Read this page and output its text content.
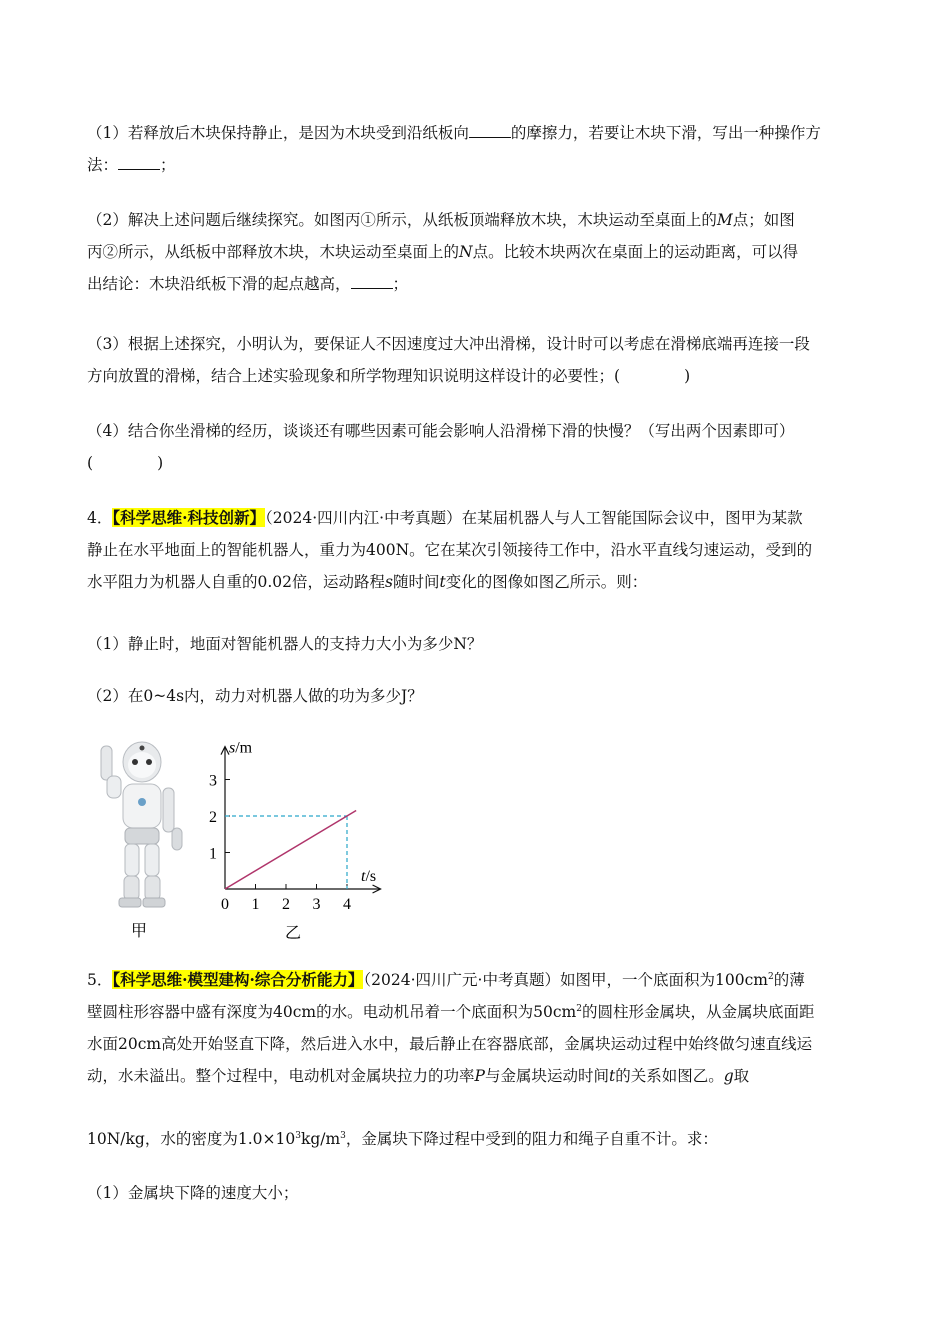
（1）若释放后木块保持静止，是因为木块受到沿纸板向	的摩擦力，若要让木块下滑，写出一种操作方
法：	；
（2）解决上述问题后继续探究。如图丙①所示，从纸板顶端释放木块，木块运动至桌面上的M点；如图
丙②所示，从纸板中部释放木块，木块运动至桌面上的N点。比较木块两次在桌面上的运动距离，可以得
出结论：木块沿纸板下滑的起点越高，	；
（3）根据上述探究，小明认为，要保证人不因速度过大冲出滑梯，设计时可以考虑在滑梯底端再连接一段
方向放置的滑梯，结合上述实验现象和所学物理知识说明这样设计的必要性；(	)
（4）结合你坐滑梯的经历，谈谈还有哪些因素可能会影响人沿滑梯下滑的快慢？（写出两个因素即可）
(	)
4．【科学思维·科技创新】（2024·四川内江·中考真题）在某届机器人与人工智能国际会议中，图甲为某款
静止在水平地面上的智能机器人，重力为400N。它在某次引领接待工作中，沿水平直线匀速运动，受到的
水平阻力为机器人自重的0.02倍，运动路程s随时间t变化的图像如图乙所示。则：
（1）静止时，地面对智能机器人的支持力大小为多少N？
（2）在0~4s内，动力对机器人做的功为多少J？
甲
0 1 2 3 4
1
2
3
t/s
s/m
乙
5．【科学思维·模型建构·综合分析能力】（2024·四川广元·中考真题）如图甲，一个底面积为$100cm^2$的薄
壁圆柱形容器中盛有深度为40cm的水。电动机吊着一个底面积为$50cm^2$的圆柱形金属块，从金属块底面距
水面20cm高处开始竖直下降，然后进入水中，最后静止在容器底部，金属块运动过程中始终做匀速直线运
动，水未溢出。整个过程中，电动机对金属块拉力的功率P与金属块运动时间t的关系如图乙。g取
10N/kg，水的密度为$1.0\times 10^3kg/m^3$，金属块下降过程中受到的阻力和绳子自重不计。求：
（1）金属块下降的速度大小；
